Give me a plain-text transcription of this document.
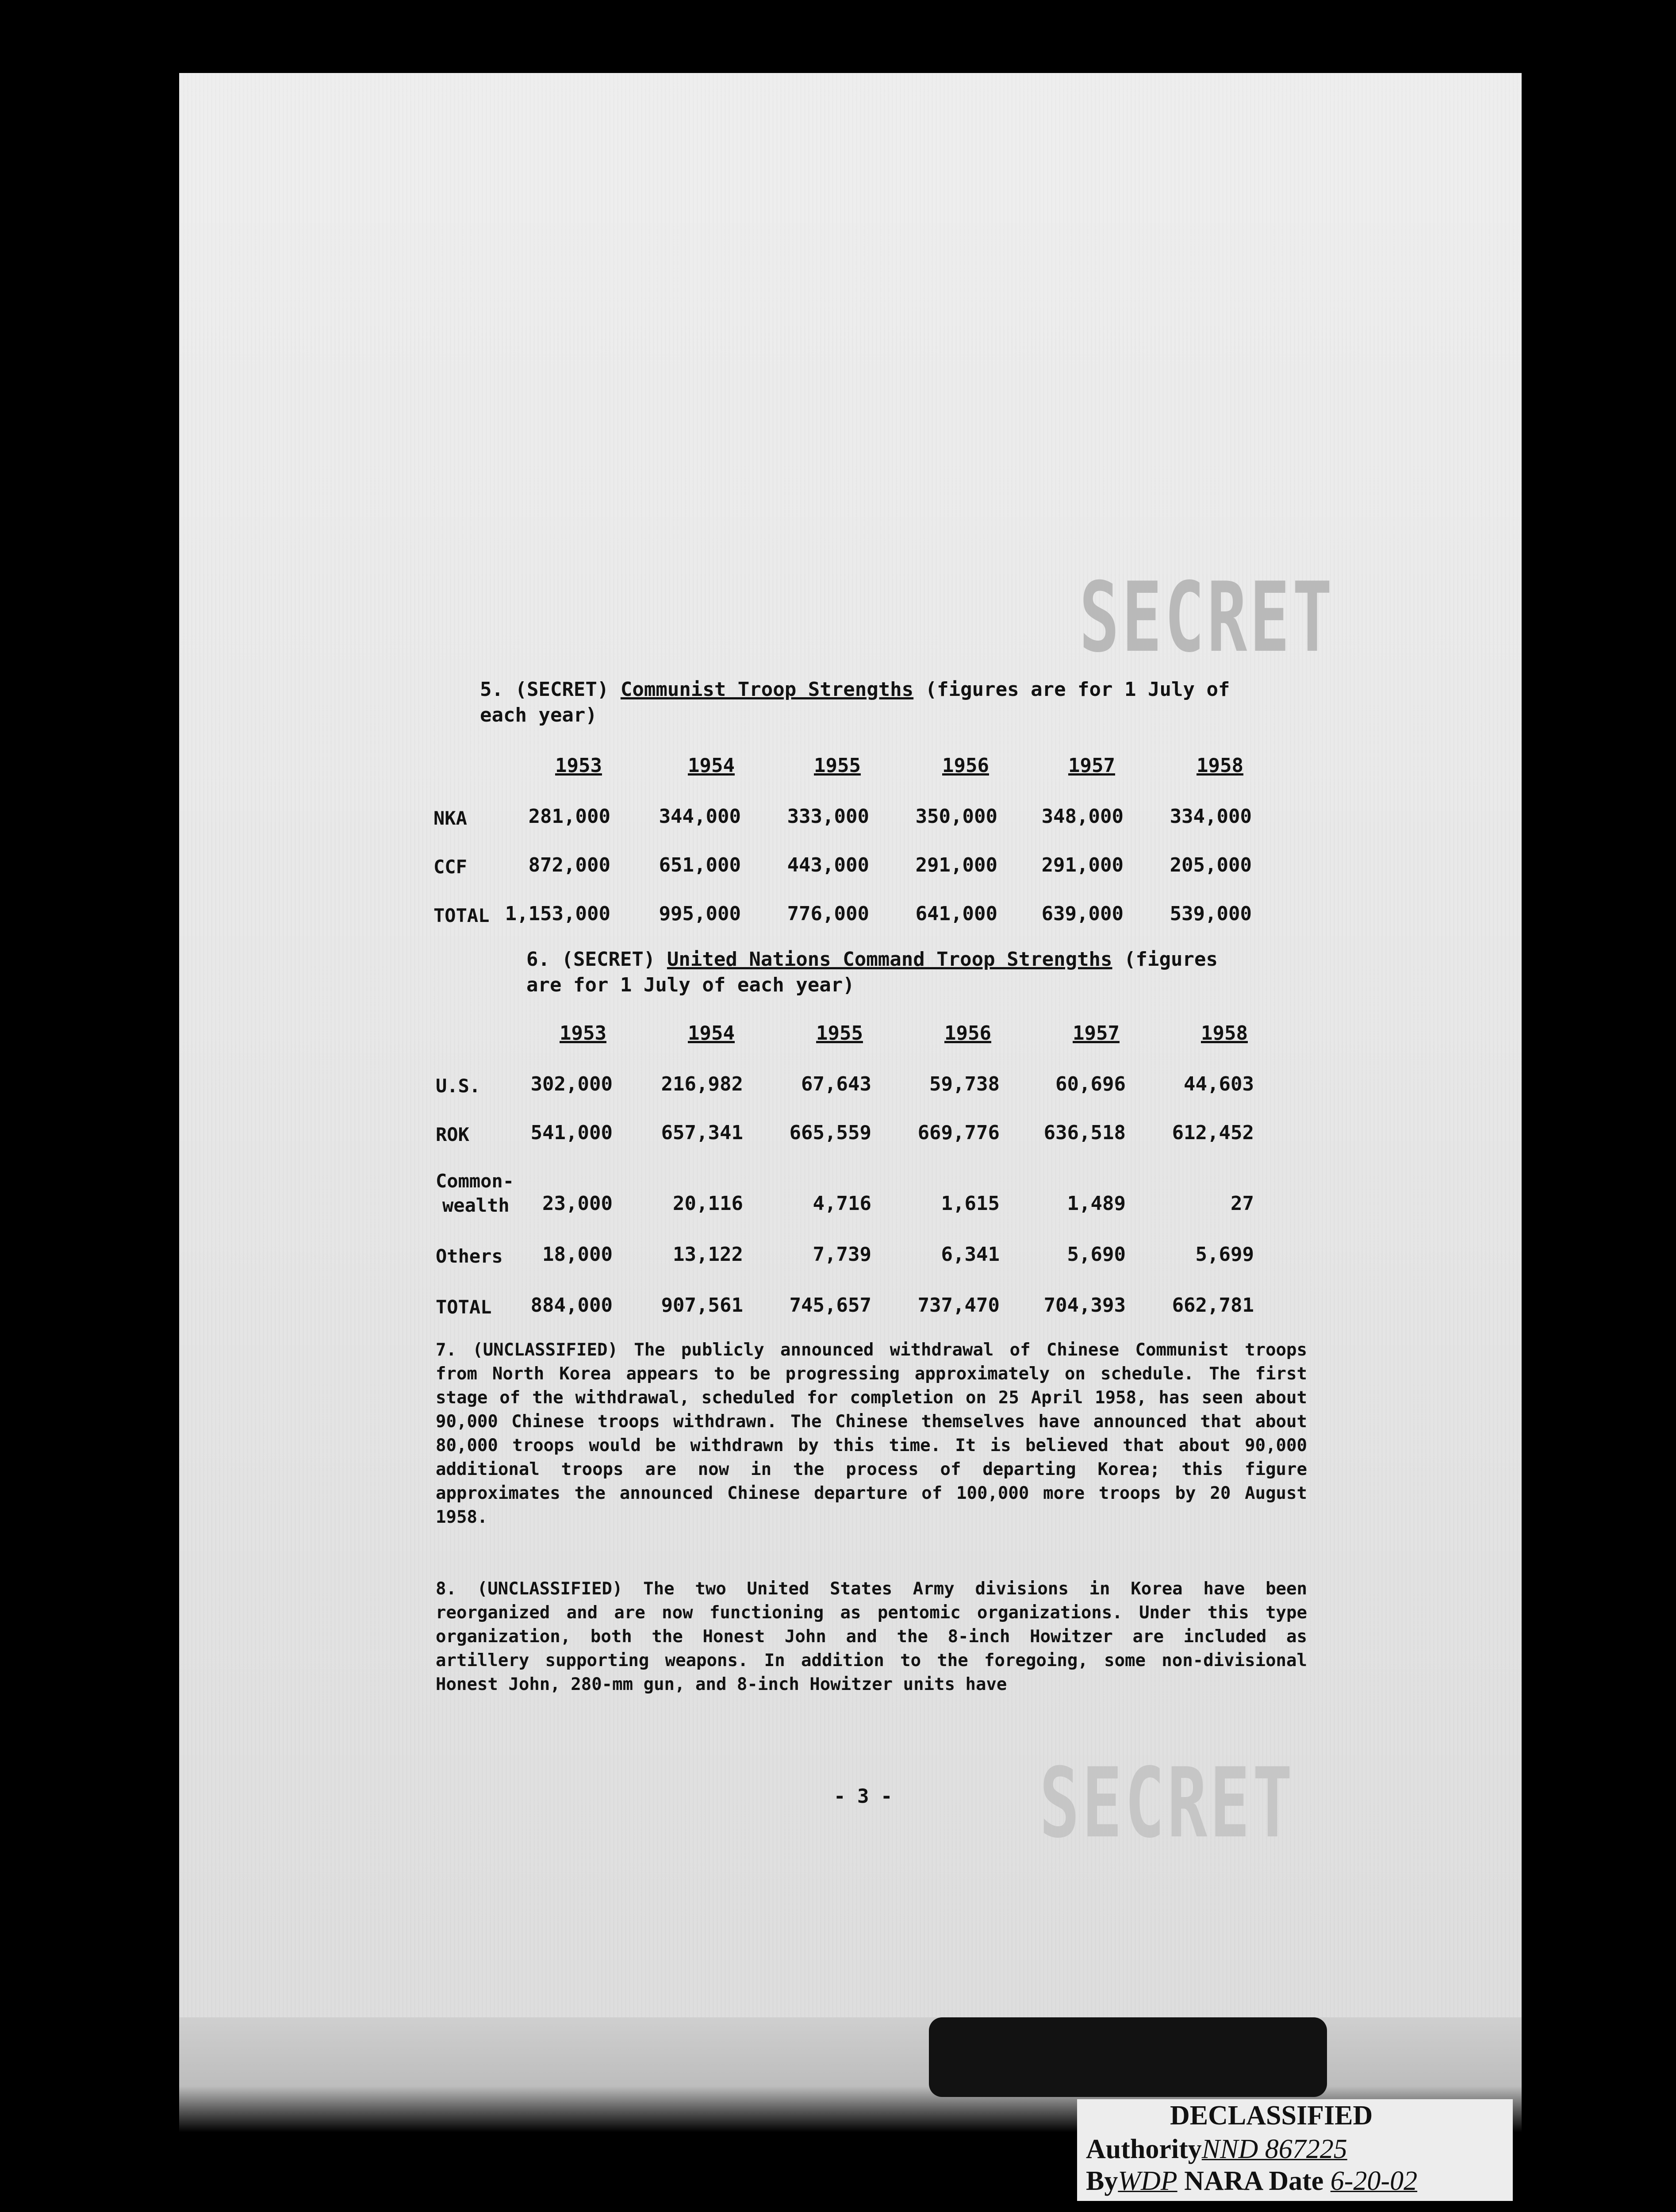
SECRET
5. (SECRET) Communist Troop Strengths (figures are for 1 July of
each year)
1953	1954	1955	1956	1957	1958
NKA	281,000	344,000	333,000	350,000	348,000	334,000
CCF	872,000	651,000	443,000	291,000	291,000	205,000
TOTAL 1,153,000	995,000	776,000	641,000	639,000	539,000
6. (SECRET) United Nations Command Troop Strengths (figures
are for 1 July of each year)
1953	1954	1955	1956	1957	1958
U.S.	302,000	216,982	67,643	59,738	60,696	44,603
ROK	541,000	657,341	665,559	669,776	636,518	612,452
Common-
wealth	23,000	20,116	4,716	1,615	1,489	27
Others	18,000	13,122	7,739	6,341	5,690	5,699
TOTAL	884,000	907,561	745,657	737,470	704,393	662,781
7. (UNCLASSIFIED) The publicly announced withdrawal of Chinese Communist troops from North Korea appears to be progressing approximately on schedule. The first stage of the withdrawal, scheduled for completion on 25 April 1958, has seen about 90,000 Chinese troops withdrawn. The Chinese themselves have announced that about 80,000 troops would be withdrawn by this time. It is believed that about 90,000 additional troops are now in the process of departing Korea; this figure approximates the announced Chinese departure of 100,000 more troops by 20 August 1958.
8. (UNCLASSIFIED) The two United States Army divisions in Korea have been reorganized and are now functioning as pentomic organizations. Under this type organization, both the Honest John and the 8-inch Howitzer are included as artillery supporting weapons. In addition to the foregoing, some non-divisional Honest John, 280-mm gun, and 8-inch Howitzer units have
- 3 - SECRET
DECLASSIFIED
AuthorityNND 867225
ByWDP NARA Date 6-20-02
